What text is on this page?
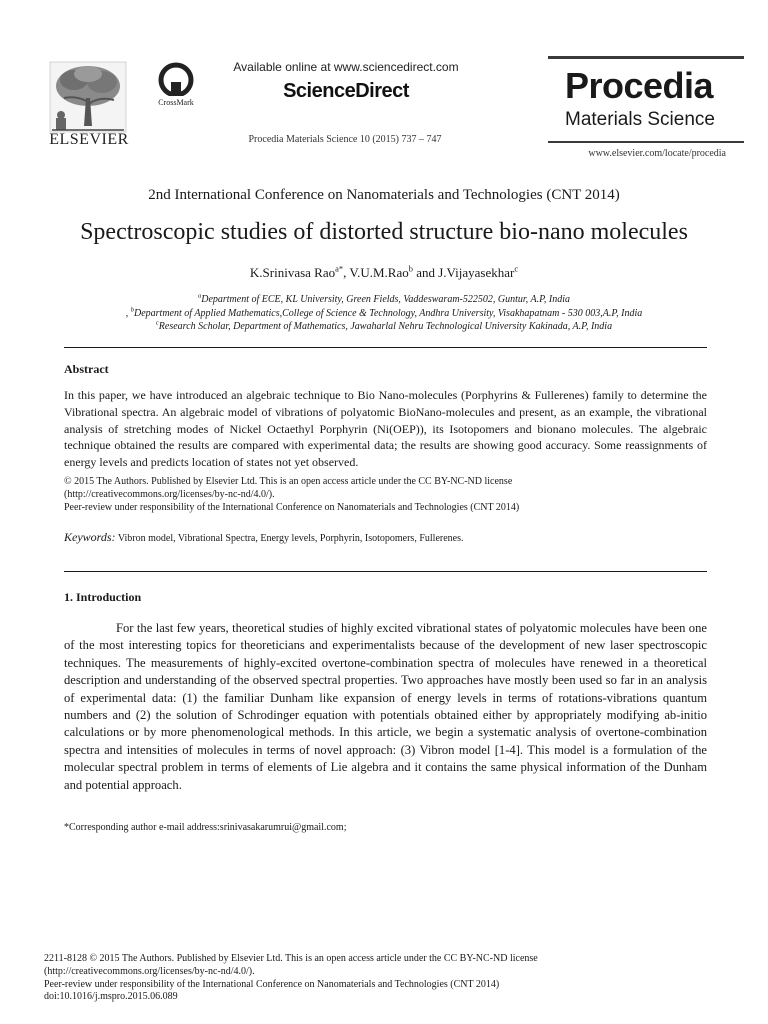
ELSEVIER
CrossMark
Available online at www.sciencedirect.com
ScienceDirect
Procedia Materials Science 10 (2015) 737 – 747
Procedia
Materials Science
www.elsevier.com/locate/procedia
2nd International Conference on Nanomaterials and Technologies (CNT 2014)
Spectroscopic studies of distorted structure bio-nano molecules
K.Srinivasa Rao$^{a*}$, V.U.M.Rao$^b$ and J.Vijayasekhar$^c$
$^a$Department of ECE, KL University, Green Fields, Vaddeswaram-522502, Guntur, A.P, India
, $^b$Department of Applied Mathematics,College of Science & Technology, Andhra University, Visakhapatnam - 530 003,A.P, India
$^c$Research Scholar, Department of Mathematics, Jawaharlal Nehru Technological University Kakinada, A.P, India
Abstract
In this paper, we have introduced an algebraic technique to Bio Nano-molecules (Porphyrins & Fullerenes) family to determine the Vibrational spectra. An algebraic model of vibrations of polyatomic BioNano-molecules and present, as an example, the vibrational analysis of stretching modes of Nickel Octaethyl Porphyrin (Ni(OEP)), its Isotopomers and bionano molecules. The algebraic technique obtained the results are compared with experimental data; the results are showing good accuracy. Some reassignments of energy levels and predicts location of states not yet observed.
© 2015 The Authors. Published by Elsevier Ltd. This is an open access article under the CC BY-NC-ND license
(http://creativecommons.org/licenses/by-nc-nd/4.0/).
Peer-review under responsibility of the International Conference on Nanomaterials and Technologies (CNT 2014)
Keywords: Vibron model, Vibrational Spectra, Energy levels, Porphyrin, Isotopomers, Fullerenes.
1. Introduction
For the last few years, theoretical studies of highly excited vibrational states of polyatomic molecules have been one of the most interesting topics for theoreticians and experimentalists because of the development of new laser spectroscopic techniques. The measurements of highly-excited overtone-combination spectra of molecules have renewed in a theoretical description and understanding of the observed spectral properties. Two approaches have mostly been used so far in an analysis of experimental data: (1) the familiar Dunham like expansion of energy levels in terms of rotations-vibrations quantum numbers and (2) the solution of Schrodinger equation with potentials obtained either by appropriately modifying ab-initio calculations or by more phenomenological methods. In this article, we begin a systematic analysis of overtone-combination spectra and intensities of molecules in terms of novel approach: (3) Vibron model [1-4]. This model is a formulation of the molecular spectral problem in terms of elements of Lie algebra and it contains the same physical information of the Dunham and potential approach.
*Corresponding author e-mail address:srinivasakarumrui@gmail.com;
2211-8128 © 2015 The Authors. Published by Elsevier Ltd. This is an open access article under the CC BY-NC-ND license
(http://creativecommons.org/licenses/by-nc-nd/4.0/).
Peer-review under responsibility of the International Conference on Nanomaterials and Technologies (CNT 2014)
doi:10.1016/j.mspro.2015.06.089
